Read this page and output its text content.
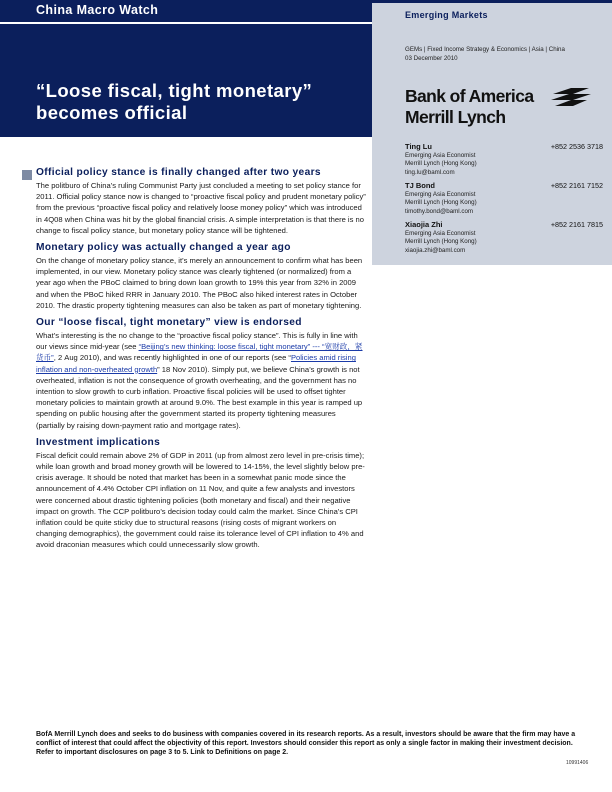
China Macro Watch
“Loose fiscal, tight monetary”
becomes official
Emerging Markets
GEMs | Fixed Income Strategy & Economics | Asia | China
03 December 2010
Bank of America
Merrill Lynch
Ting Lu	+852 2536 3718
Emerging Asia Economist
Merrill Lynch (Hong Kong)
ting.lu@baml.com
TJ Bond	+852 2161 7152
Emerging Asia Economist
Merrill Lynch (Hong Kong)
timothy.bond@baml.com
Xiaojia Zhi	+852 2161 7815
Emerging Asia Economist
Merrill Lynch (Hong Kong)
xiaojia.zhi@baml.com
Official policy stance is finally changed after two years

The politburo of China’s ruling Communist Party just concluded a meeting to set policy stance for 2011. Official policy stance now is changed to “proactive fiscal policy and prudent monetary policy” from the previous “proactive fiscal policy and relatively loose money policy” which was introduced in 4Q08 when China was hit by the global financial crisis. A simple interpretation is that there is no change to fiscal policy stance, but monetary policy stance will be tightened.

Monetary policy was actually changed a year ago

On the change of monetary policy stance, it’s merely an announcement to confirm what has been implemented, in our view. Monetary policy stance was clearly tightened (or normalized) from a year ago when the PBoC claimed to bring down loan growth to 19% this year from 32% in 2009 and when the PBoC hiked RRR in January 2010. The PBoC also hiked interest rates in October 2010. The drastic property tightening measures can also be taken as part of monetary tightening.

Our “loose fiscal, tight monetary” view is endorsed

What’s interesting is the no change to the “proactive fiscal policy stance”. This is fully in line with our views since mid-year (see “Beijing’s new thinking: loose fiscal, tight monetary” --- “宽财政，紧货币”, 2 Aug 2010), and was recently highlighted in one of our reports (see “Policies amid rising inflation and non-overheated growth” 18 Nov 2010). Simply put, we believe China’s growth is not overheated, inflation is not the consequence of growth overheating, and the government has no intention to slow growth to curb inflation. Proactive fiscal policies will be used to offset tighter monetary policies to maintain growth at around 9.0%. The best example in this year is ramped up spending on public housing after the government started its property tightening measures (partially by raising down-payment ratio and mortgage rates).

Investment implications

Fiscal deficit could remain above 2% of GDP in 2011 (up from almost zero level in pre-crisis time); while loan growth and broad money growth will be lowered to 14-15%, the level slightly below pre-crisis average. It should be noted that market has been in a somewhat panic mode since the announcement of 4.4% October CPI inflation on 11 Nov, and quite a few analysts and investors were concerned about drastic tightening policies (both monetary and fiscal) and their negative impact on growth. The CCP politburo’s decision today could calm the market. Since China’s CPI inflation could be quite sticky due to structural reasons (rising costs of migrant workers on changing demographics), the government could raise its tolerance level of CPI inflation to 4% and avoid draconian measures which could unnecessarily slow growth.

BofA Merrill Lynch does and seeks to do business with companies covered in its research reports. As a result, investors should be aware that the firm may have a conflict of interest that could affect the objectivity of this report. Investors should consider this report as only a single factor in making their investment decision.
Refer to important disclosures on page 3 to 5. Link to Definitions on page 2.
10991406
